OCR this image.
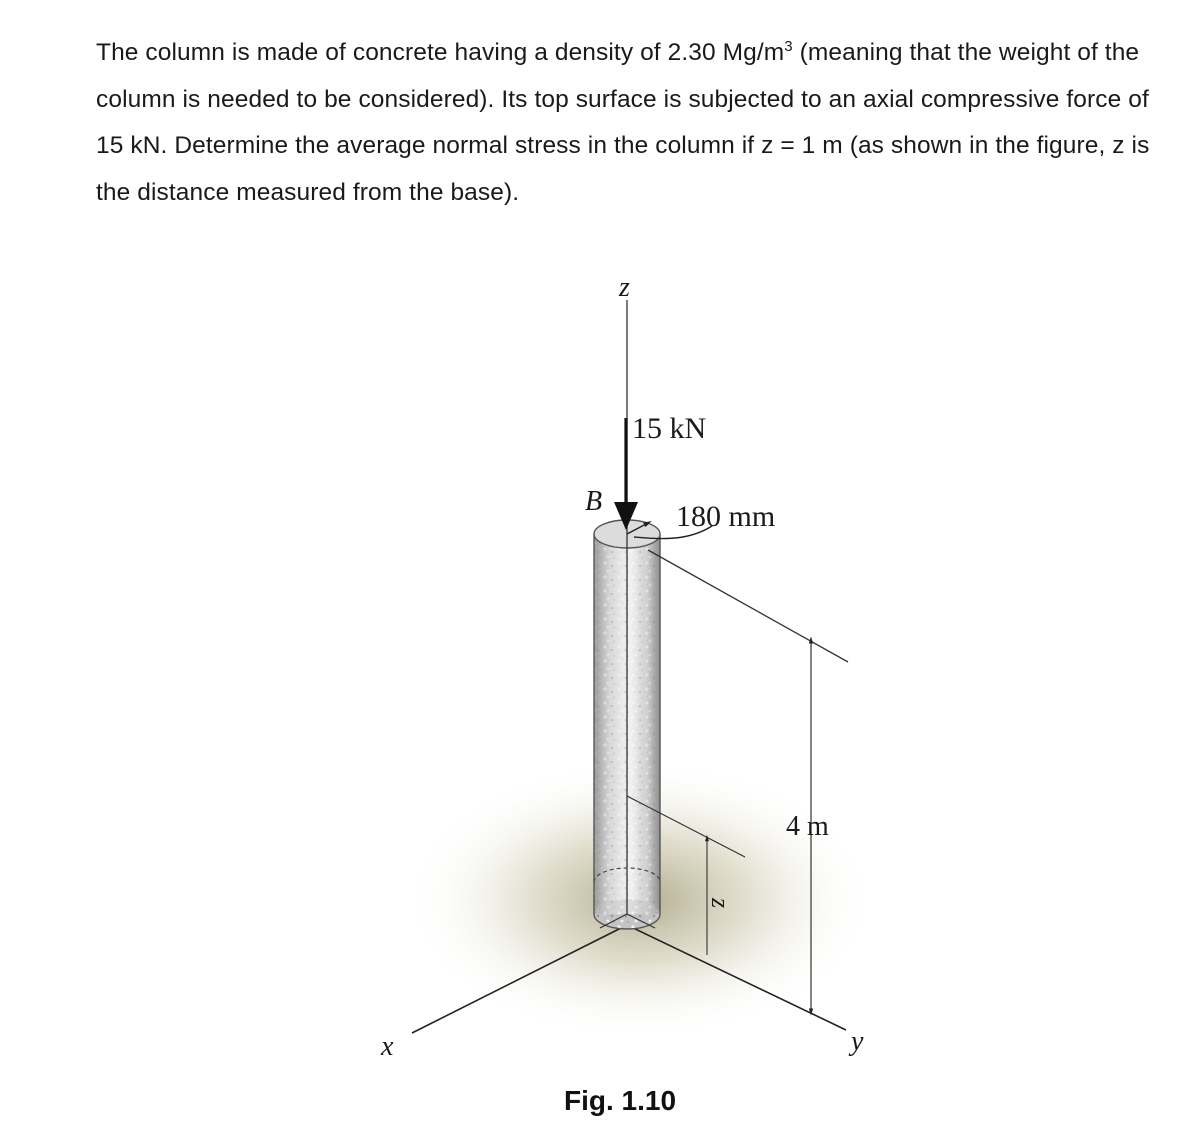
The column is made of concrete having a density of 2.30 $Mg/m^3$ (meaning that the weight of the column is needed to be considered). Its top surface is subjected to an axial compressive force of 15 kN. Determine the average normal stress in the column if z = 1 m (as shown in the figure, z is the distance measured from the base).

z
15 kN
B 180 mm
4 m
z
x	y
Fig. 1.10
